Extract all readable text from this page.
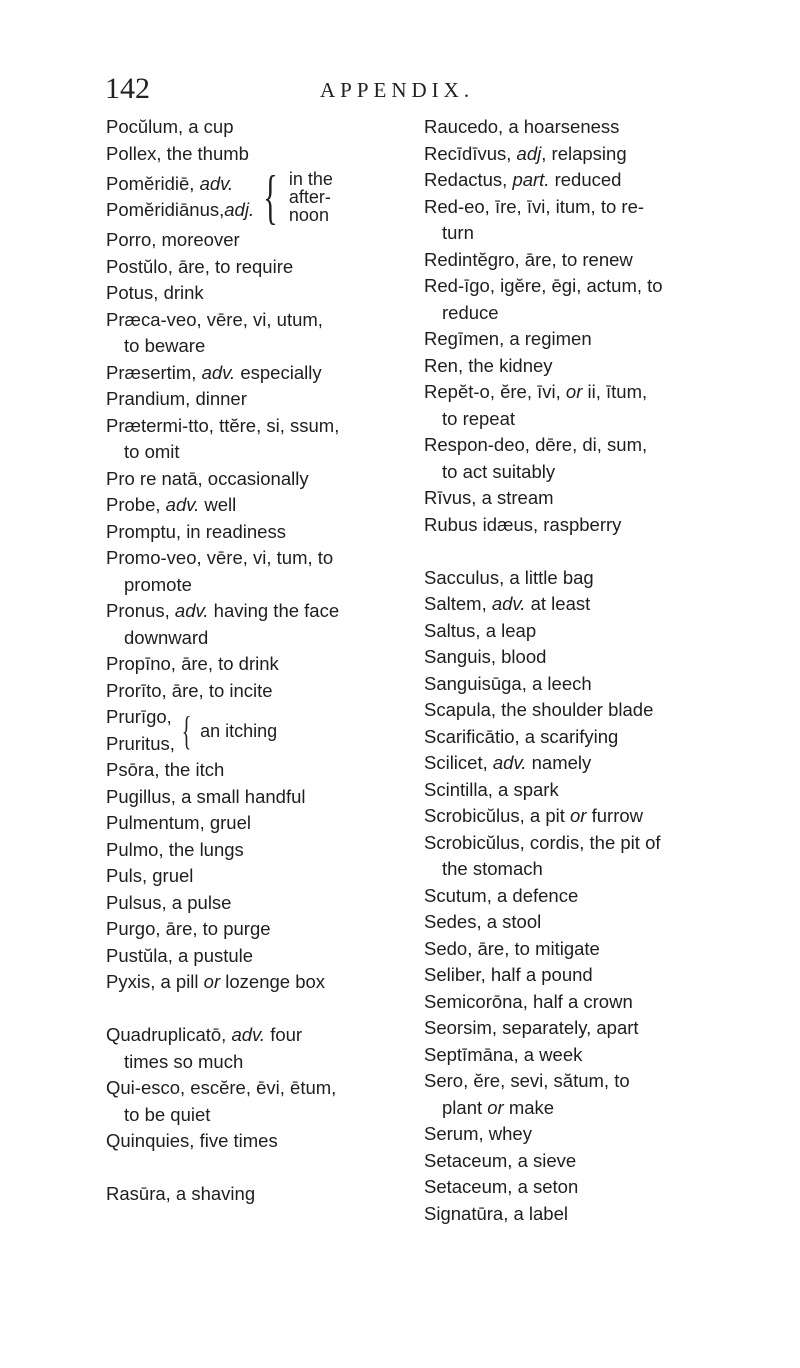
142	APPENDIX.
Pocŭlum, a cup
Pollex, the thumb
Pomĕridiē, adv.
Pomĕridiānus,adj. { in the
after-
noon
Porro, moreover
Postŭlo, āre, to require
Potus, drink
Præca-veo, vēre, vi, utum,
to beware
Præsertim, adv. especially
Prandium, dinner
Prætermi-tto, ttĕre, si, ssum,
to omit
Pro re natā, occasionally
Probe, adv. well
Promptu, in readiness
Promo-veo, vēre, vi, tum, to
promote
Pronus, adv. having the face
downward
Propīno, āre, to drink
Prorīto, āre, to incite
Prurīgo,
Pruritus, { an itching
Psōra, the itch
Pugillus, a small handful
Pulmentum, gruel
Pulmo, the lungs
Puls, gruel
Pulsus, a pulse
Purgo, āre, to purge
Pustŭla, a pustule
Pyxis, a pill or lozenge box
Quadruplicatō, adv. four
times so much
Qui-esco, escĕre, ēvi, ētum,
to be quiet
Quinquies, five times
Rasūra, a shaving
Raucedo, a hoarseness
Recīdīvus, adj, relapsing
Redactus, part. reduced
Red-eo, īre, īvi, itum, to re-
turn
Redintĕgro, āre, to renew
Red-īgo, igĕre, ēgi, actum, to
reduce
Regīmen, a regimen
Ren, the kidney
Repĕt-o, ĕre, īvi, or ii, ītum,
to repeat
Respon-deo, dēre, di, sum,
to act suitably
Rīvus, a stream
Rubus idæus, raspberry
Sacculus, a little bag
Saltem, adv. at least
Saltus, a leap
Sanguis, blood
Sanguisūga, a leech
Scapula, the shoulder blade
Scarificātio, a scarifying
Scilicet, adv. namely
Scintilla, a spark
Scrobicŭlus, a pit or furrow
Scrobicŭlus, cordis, the pit of
the stomach
Scutum, a defence
Sedes, a stool
Sedo, āre, to mitigate
Seliber, half a pound
Semicorōna, half a crown
Seorsim, separately, apart
Septīmāna, a week
Sero, ĕre, sevi, sătum, to
plant or make
Serum, whey
Setaceum, a sieve
Setaceum, a seton
Signatūra, a label
